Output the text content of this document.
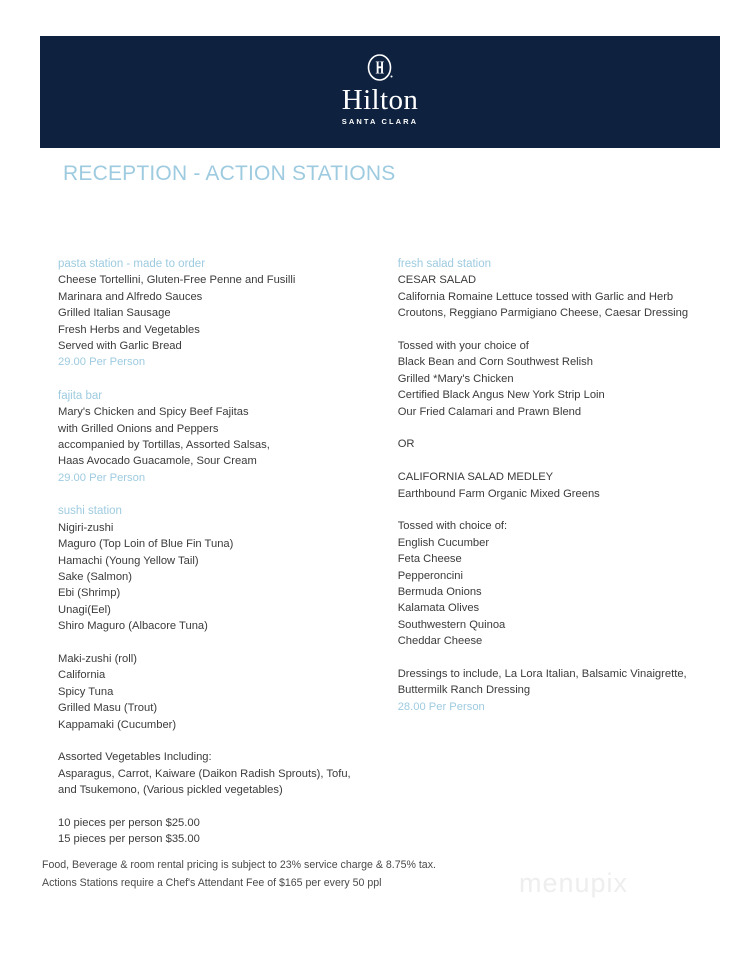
Hilton
SANTA CLARA
RECEPTION - ACTION STATIONS
pasta station - made to order
Cheese Tortellini, Gluten-Free Penne and Fusilli
Marinara and Alfredo Sauces
Grilled Italian Sausage
Fresh Herbs and Vegetables
Served with Garlic Bread
29.00 Per Person
fajita bar
Mary's Chicken and Spicy Beef Fajitas
with Grilled Onions and Peppers
accompanied by Tortillas, Assorted Salsas,
Haas Avocado Guacamole, Sour Cream
29.00 Per Person
sushi station
Nigiri-zushi
Maguro (Top Loin of Blue Fin Tuna)
Hamachi (Young Yellow Tail)
Sake (Salmon)
Ebi (Shrimp)
Unagi(Eel)
Shiro Maguro (Albacore Tuna)
Maki-zushi (roll)
California
Spicy Tuna
Grilled Masu (Trout)
Kappamaki (Cucumber)
Assorted Vegetables Including:
Asparagus, Carrot, Kaiware (Daikon Radish Sprouts), Tofu,
and Tsukemono, (Various pickled vegetables)
10 pieces per person $25.00
15 pieces per person $35.00
fresh salad station
CESAR SALAD
California Romaine Lettuce tossed with Garlic and Herb
Croutons, Reggiano Parmigiano Cheese, Caesar Dressing
Tossed with your choice of
Black Bean and Corn Southwest Relish
Grilled *Mary's Chicken
Certified Black Angus New York Strip Loin
Our Fried Calamari and Prawn Blend
OR
CALIFORNIA SALAD MEDLEY
Earthbound Farm Organic Mixed Greens
Tossed with choice of:
English Cucumber
Feta Cheese
Pepperoncini
Bermuda Onions
Kalamata Olives
Southwestern Quinoa
Cheddar Cheese
Dressings to include, La Lora Italian, Balsamic Vinaigrette,
Buttermilk Ranch Dressing
28.00 Per Person
Food, Beverage & room rental pricing is subject to 23% service charge & 8.75% tax.
Actions Stations require a Chef's Attendant Fee of $165 per every 50 ppl	menupix
